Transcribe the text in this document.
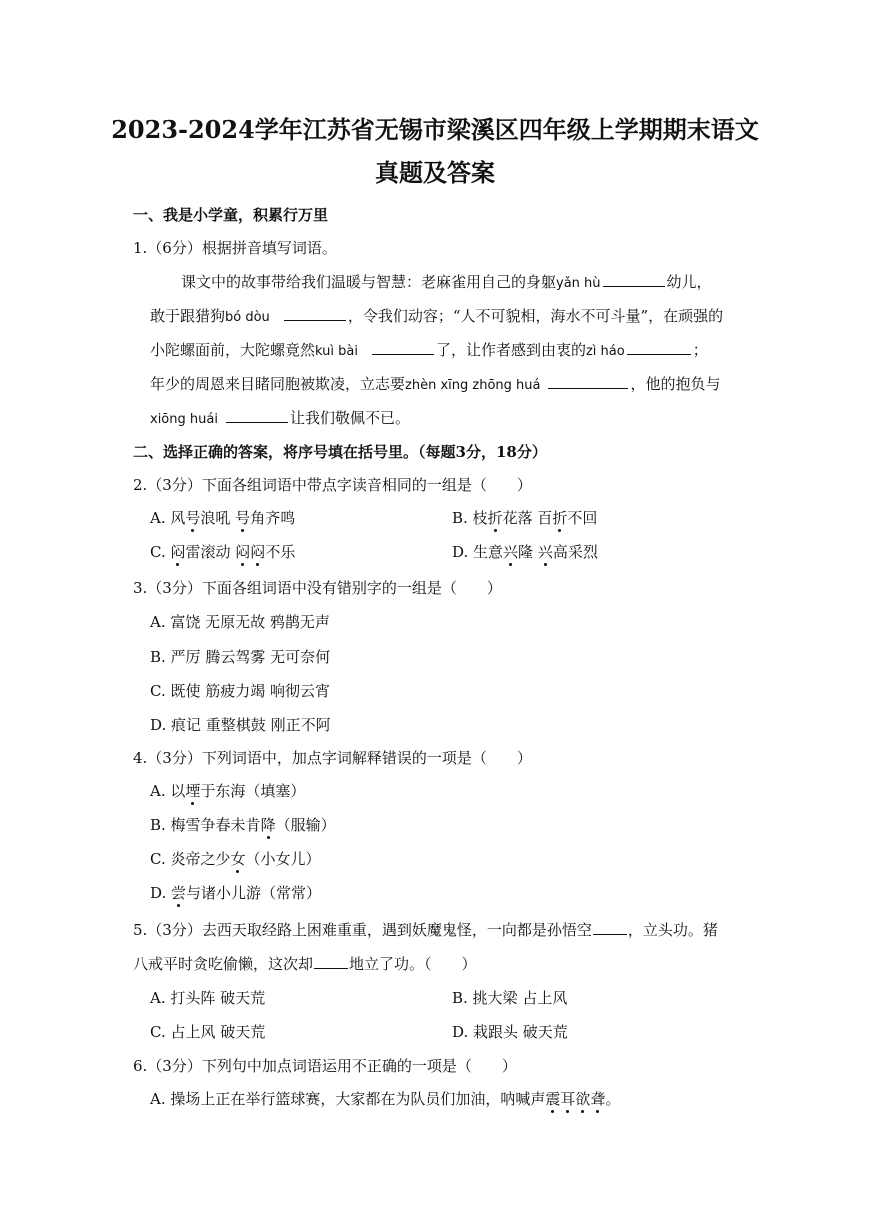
2023-2024学年江苏省无锡市梁溪区四年级上学期期末语文
真题及答案
一、我是小学童，积累行万里
1.（6分）根据拼音填写词语。
课文中的故事带给我们温暖与智慧：老麻雀用自己的身躯yǎn hù	幼儿，
敢于跟猎狗bó dòu	，令我们动容；“人不可貌相，海水不可斗量”，在顽强的
小陀螺面前，大陀螺竟然kuì bài	了，让作者感到由衷的zì háo	；
年少的周恩来目睹同胞被欺凌，立志要zhèn xīng zhōng huá	，他的抱负与
xiōng huái	让我们敬佩不已。
二、选择正确的答案，将序号填在括号里。（每题3分，18分）
2.（3分）下面各组词语中带点字读音相同的一组是（　　）
A. 风号浪吼 号角齐鸣	B. 枝折花落 百折不回
C. 闷雷滚动 闷闷不乐	D. 生意兴隆 兴高采烈
3.（3分）下面各组词语中没有错别字的一组是（　　）
A. 富饶 无原无故 鸦鹊无声
B. 严厉 腾云驾雾 无可奈何
C. 既使 筋疲力竭 响彻云宵
D. 痕记 重整棋鼓 刚正不阿
4.（3分）下列词语中，加点字词解释错误的一项是（　　）
A. 以堙于东海（填塞）
B. 梅雪争春未肯降（服输）
C. 炎帝之少女（小女儿）
D. 尝与诸小儿游（常常）
5.（3分）去西天取经路上困难重重，遇到妖魔鬼怪，一向都是孙悟空 ，立头功。猪
八戒平时贪吃偷懒，这次却 地立了功。（　　）
A. 打头阵 破天荒	B. 挑大梁 占上风
C. 占上风 破天荒	D. 栽跟头 破天荒
6.（3分）下列句中加点词语运用不正确的一项是（　　）
A. 操场上正在举行篮球赛，大家都在为队员们加油，呐喊声震耳欲聋。
